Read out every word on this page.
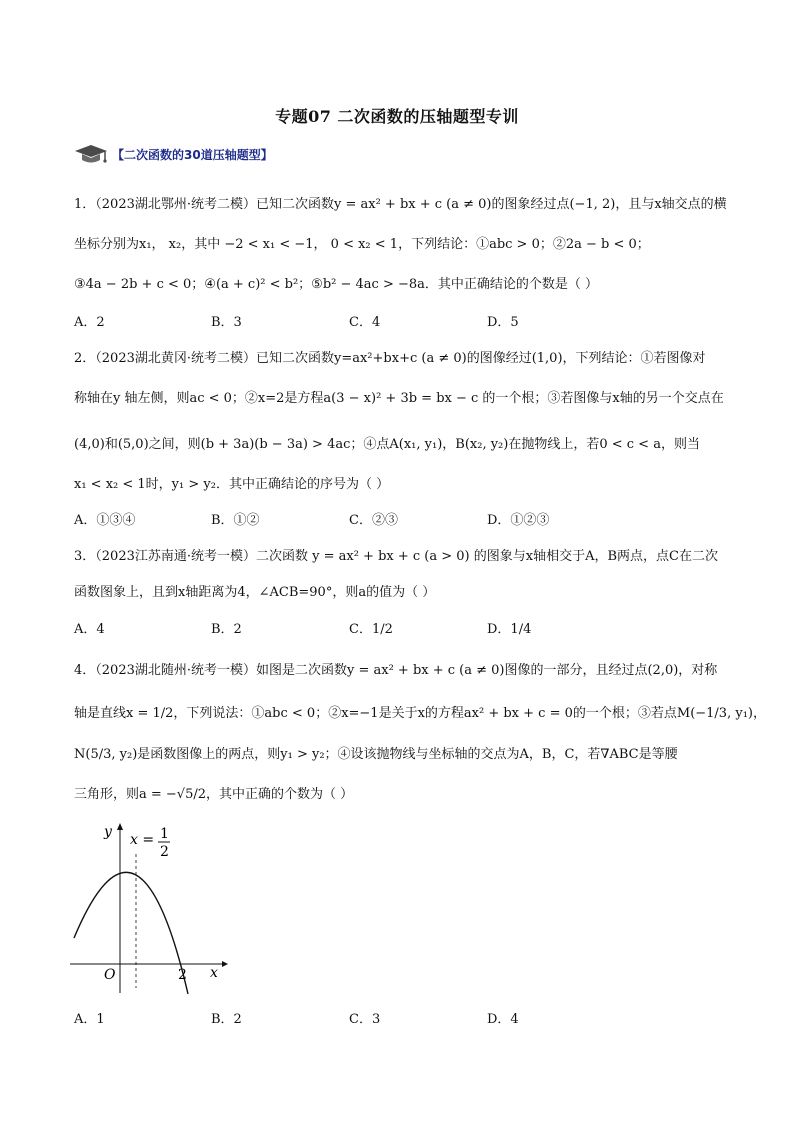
专题07 二次函数的压轴题型专训
【二次函数的30道压轴题型】
1．（2023湖北鄂州·统考二模）已知二次函数y = ax² + bx + c (a ≠ 0)的图象经过点(−1, 2)，且与x轴交点的横
坐标分别为x₁， x₂，其中 −2 < x₁ < −1， 0 < x₂ < 1，下列结论：①abc > 0；②2a − b < 0；
③4a − 2b + c < 0；④(a + c)² < b²；⑤b² − 4ac > −8a．其中正确结论的个数是（ ）
A．2	B．3	C．4	D．5
2．（2023湖北黄冈·统考二模）已知二次函数y=ax²+bx+c (a ≠ 0)的图像经过(1,0)，下列结论：①若图像对
称轴在y 轴左侧，则ac < 0；②x=2是方程a(3 − x)² + 3b = bx − c 的一个根；③若图像与x轴的另一个交点在
(4,0)和(5,0)之间，则(b + 3a)(b − 3a) > 4ac；④点A(x₁, y₁)，B(x₂, y₂)在抛物线上，若0 < c < a，则当
x₁ < x₂ < 1时，y₁ > y₂．其中正确结论的序号为（ ）
A．①③④	B．①②	C．②③	D．①②③
3．（2023江苏南通·统考一模）二次函数 y = ax² + bx + c (a > 0) 的图象与x轴相交于A，B两点，点C在二次
函数图象上，且到x轴距离为4，∠ACB=90°，则a的值为（ ）
A．4	B．2	C．1/2	D．1/4
4．（2023湖北随州·统考一模）如图是二次函数y = ax² + bx + c (a ≠ 0)图像的一部分，且经过点(2,0)，对称
轴是直线x = 1/2，下列说法：①abc < 0；②x=−1是关于x的方程ax² + bx + c = 0的一个根；③若点M(−1/3, y₁)，
N(5/3, y₂)是函数图像上的两点，则y₁ > y₂；④设该抛物线与坐标轴的交点为A，B，C，若∇ABC是等腰
三角形，则a = −√5/2，其中正确的个数为（ ）
y
x
O	2
x = 1
2
A．1	B．2	C．3	D．4
